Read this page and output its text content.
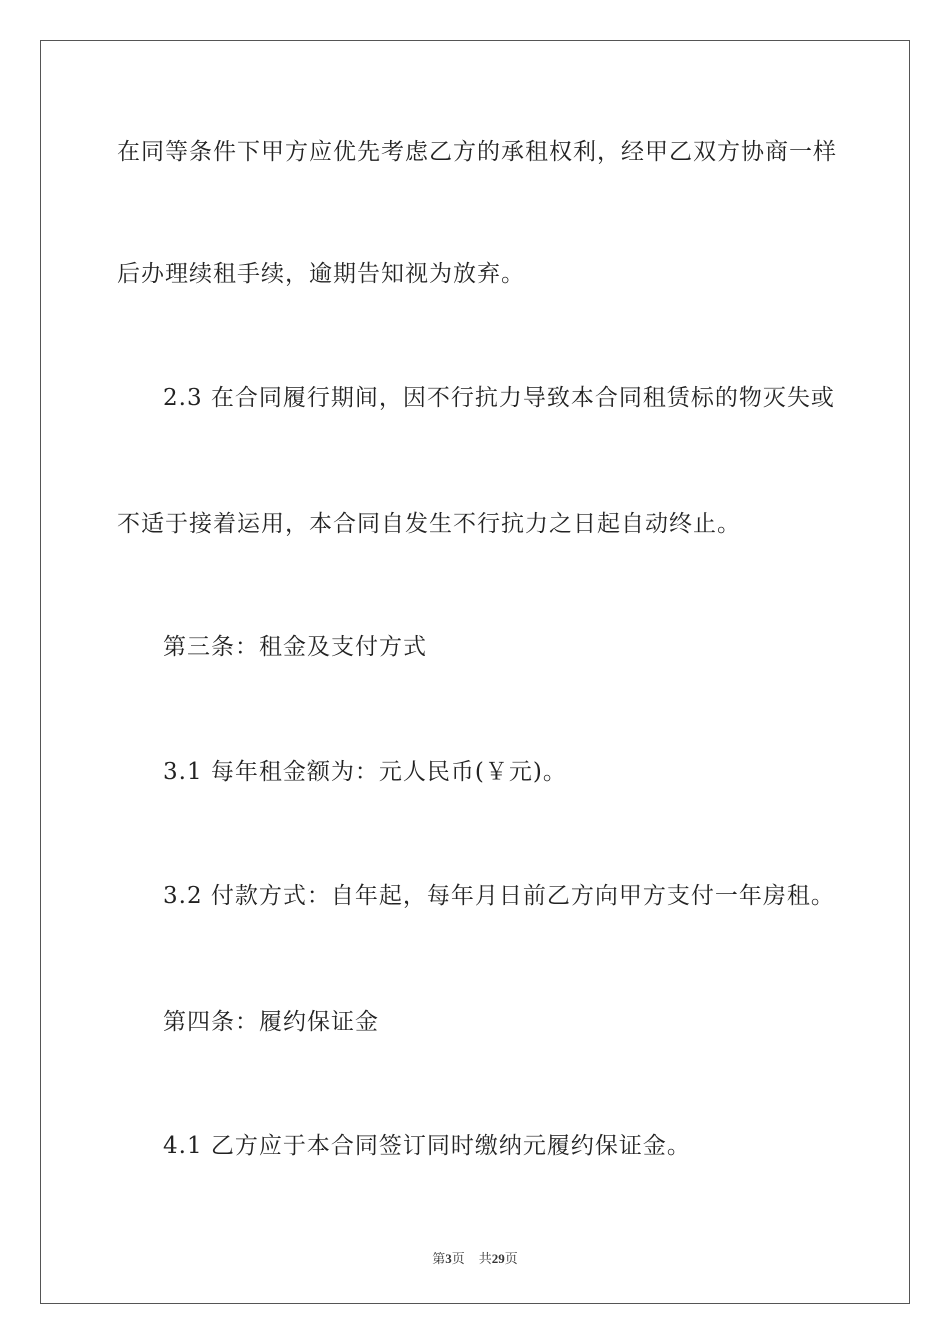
在同等条件下甲方应优先考虑乙方的承租权利，经甲乙双方协商一样
后办理续租手续，逾期告知视为放弃。
2.3 在合同履行期间，因不行抗力导致本合同租赁标的物灭失或
不适于接着运用，本合同自发生不行抗力之日起自动终止。
第三条：租金及支付方式
3.1 每年租金额为：元人民币(￥元)。
3.2 付款方式：自年起，每年月日前乙方向甲方支付一年房租。
第四条：履约保证金
4.1 乙方应于本合同签订同时缴纳元履约保证金。
第3页 共29页
